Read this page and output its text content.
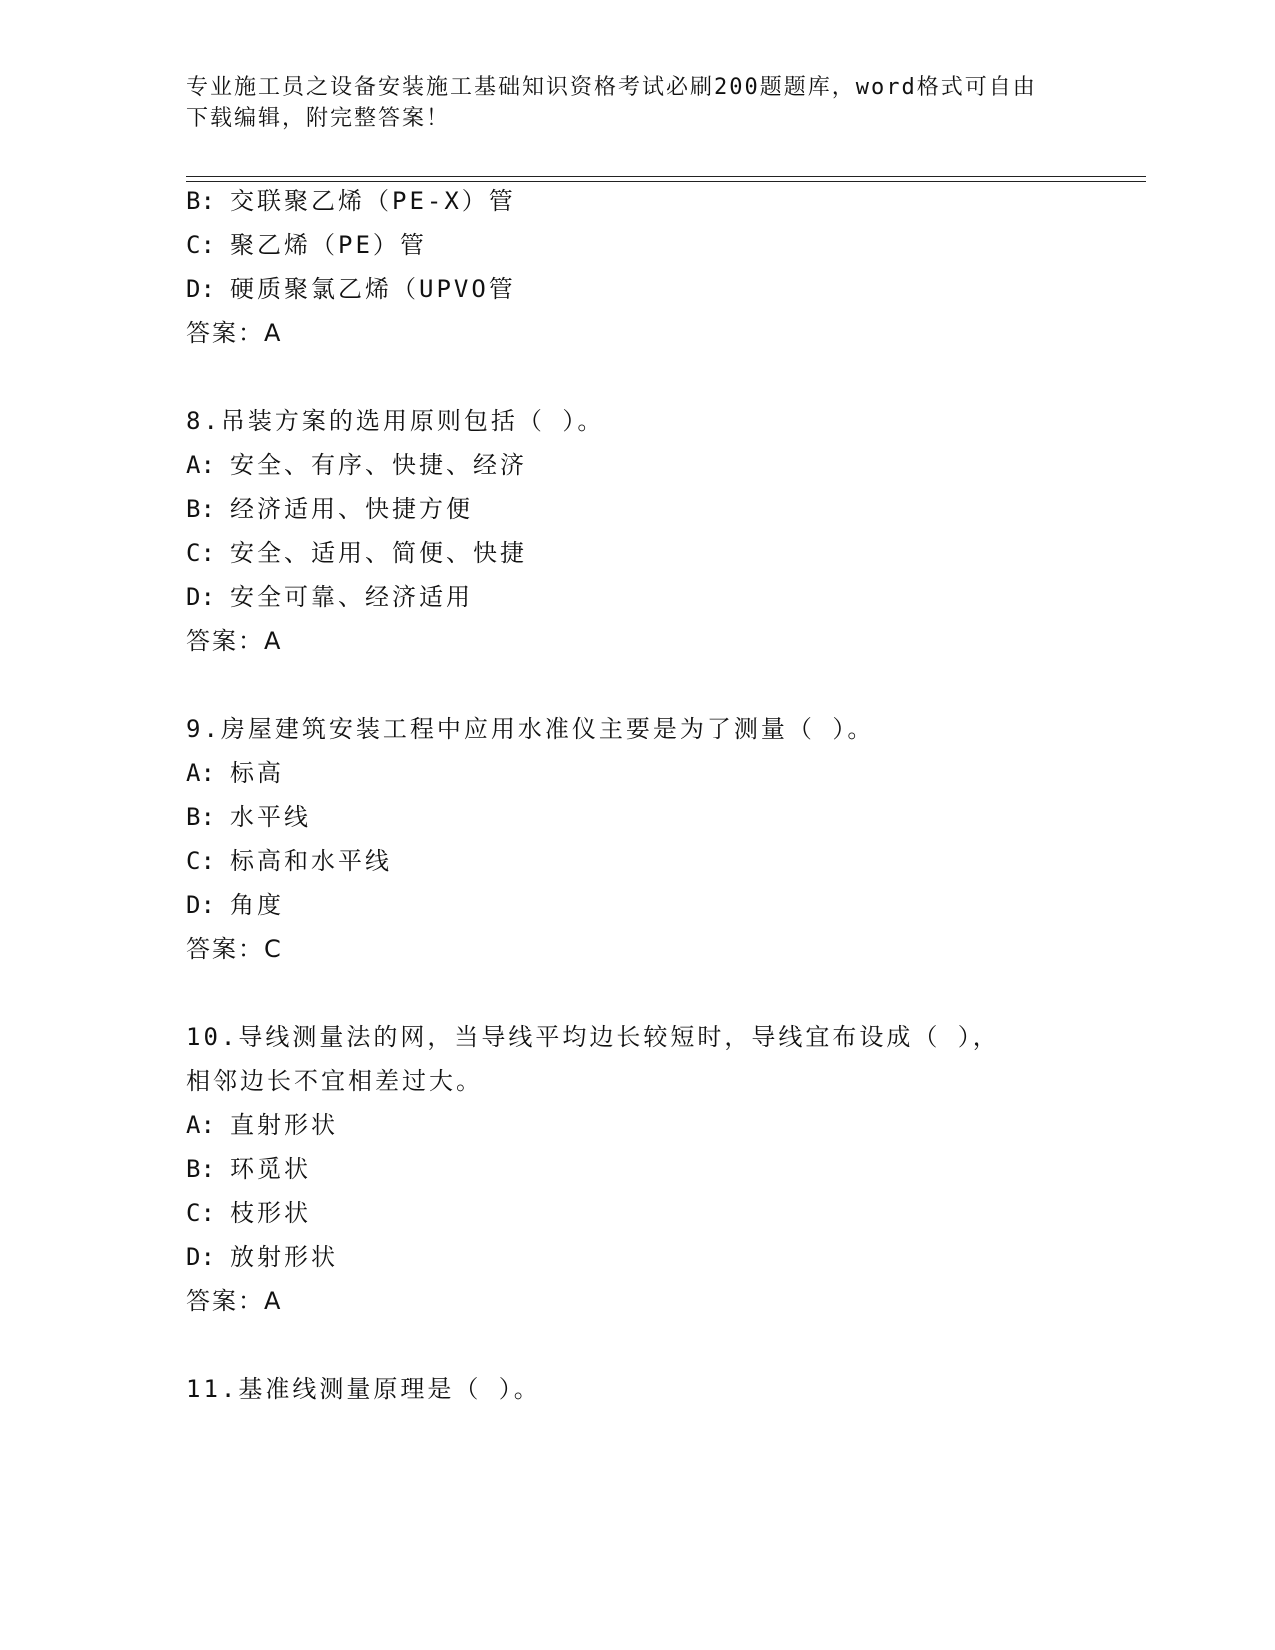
专业施工员之设备安装施工基础知识资格考试必刷200题题库，word格式可自由
下载编辑，附完整答案！
B: 交联聚乙烯（PE-X）管
C: 聚乙烯（PE）管
D: 硬质聚氯乙烯（UPVO管
答案：A
8.吊装方案的选用原则包括（ ）。
A: 安全、有序、快捷、经济
B: 经济适用、快捷方便
C: 安全、适用、简便、快捷
D: 安全可靠、经济适用
答案：A
9.房屋建筑安装工程中应用水准仪主要是为了测量（ ）。
A: 标高
B: 水平线
C: 标高和水平线
D: 角度
答案：C
10.导线测量法的网，当导线平均边长较短时，导线宜布设成（ ），
相邻边长不宜相差过大。
A: 直射形状
B: 环觅状
C: 枝形状
D: 放射形状
答案：A
11.基准线测量原理是（ ）。
